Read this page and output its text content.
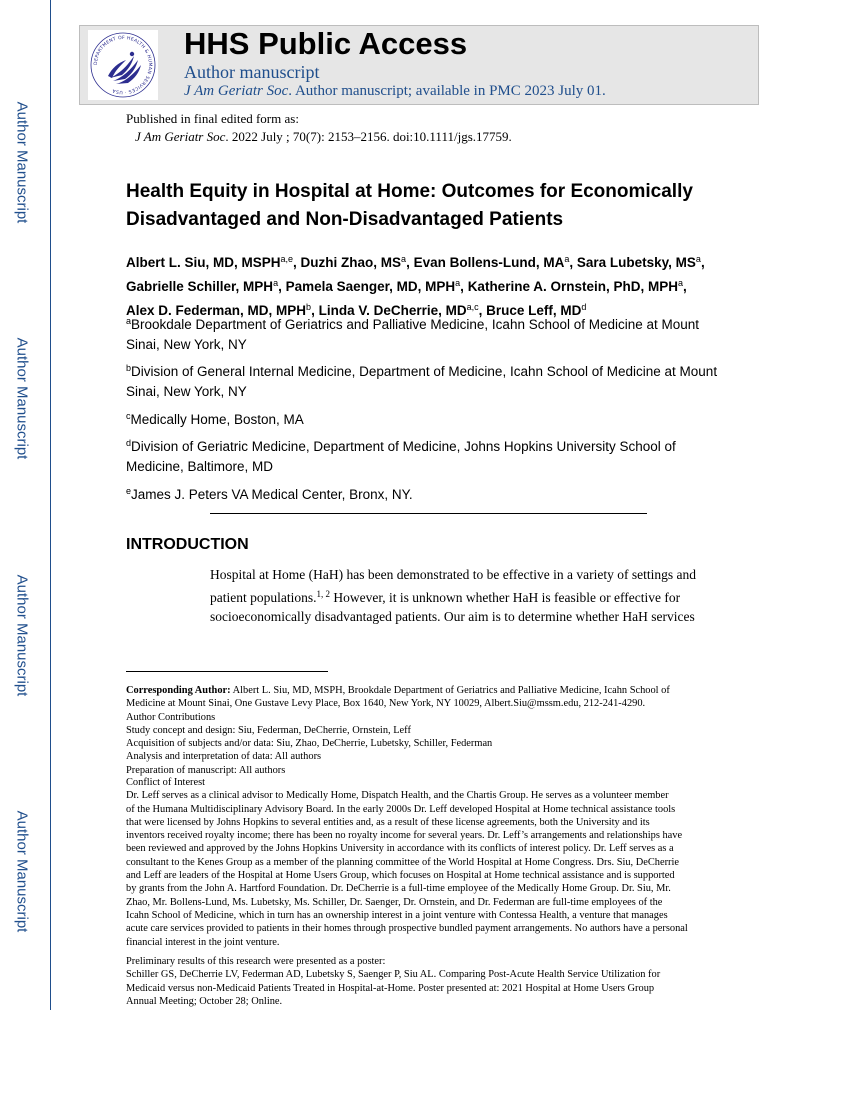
Author Manuscript
Author Manuscript
Author Manuscript
Author Manuscript
DEPARTMENT OF HEALTH & HUMAN SERVICES · USA
HHS Public Access
Author manuscript
J Am Geriatr Soc. Author manuscript; available in PMC 2023 July 01.
Published in final edited form as:
J Am Geriatr Soc. 2022 July ; 70(7): 2153–2156. doi:10.1111/jgs.17759.
Health Equity in Hospital at Home: Outcomes for Economically Disadvantaged and Non-Disadvantaged Patients
Albert L. Siu, MD, MSPH$^{a,e}$, Duzhi Zhao, $MS^a$, Evan Bollens-Lund, $MA^a$, Sara Lubetsky, $MS^a$, Gabrielle Schiller, MPH$^a$, Pamela Saenger, MD, MPH$^a$, Katherine A. Ornstein, PhD, MPH$^a$, Alex D. Federman, MD, MPH$^b$, Linda V. DeCherrie, MD$^{a,c}$, Bruce Leff, $MD^d$
$^a$Brookdale Department of Geriatrics and Palliative Medicine, Icahn School of Medicine at Mount Sinai, New York, NY
$^b$Division of General Internal Medicine, Department of Medicine, Icahn School of Medicine at Mount Sinai, New York, NY
$^c$Medically Home, Boston, MA
$^d$Division of Geriatric Medicine, Department of Medicine, Johns Hopkins University School of Medicine, Baltimore, MD
$^e$James J. Peters VA Medical Center, Bronx, NY.
INTRODUCTION
Hospital at Home (HaH) has been demonstrated to be effective in a variety of settings and patient populations.$^{1, 2}$ However, it is unknown whether HaH is feasible or effective for socioeconomically disadvantaged patients. Our aim is to determine whether HaH services
Corresponding Author: Albert L. Siu, MD, MSPH, Brookdale Department of Geriatrics and Palliative Medicine, Icahn School of
Medicine at Mount Sinai, One Gustave Levy Place, Box 1640, New York, NY 10029, Albert.Siu@mssm.edu, 212-241-4290.
Author Contributions
Study concept and design: Siu, Federman, DeCherrie, Ornstein, Leff
Acquisition of subjects and/or data: Siu, Zhao, DeCherrie, Lubetsky, Schiller, Federman
Analysis and interpretation of data: All authors
Preparation of manuscript: All authors
Conflict of Interest
Dr. Leff serves as a clinical advisor to Medically Home, Dispatch Health, and the Chartis Group. He serves as a volunteer member
of the Humana Multidisciplinary Advisory Board. In the early 2000s Dr. Leff developed Hospital at Home technical assistance tools
that were licensed by Johns Hopkins to several entities and, as a result of these license agreements, both the University and its
inventors received royalty income; there has been no royalty income for several years. Dr. Leff’s arrangements and relationships have
been reviewed and approved by the Johns Hopkins University in accordance with its conflicts of interest policy. Dr. Leff serves as a
consultant to the Kenes Group as a member of the planning committee of the World Hospital at Home Congress. Drs. Siu, DeCherrie
and Leff are leaders of the Hospital at Home Users Group, which focuses on Hospital at Home technical assistance and is supported
by grants from the John A. Hartford Foundation. Dr. DeCherrie is a full-time employee of the Medically Home Group. Dr. Siu, Mr.
Zhao, Mr. Bollens-Lund, Ms. Lubetsky, Ms. Schiller, Dr. Saenger, Dr. Ornstein, and Dr. Federman are full-time employees of the
Icahn School of Medicine, which in turn has an ownership interest in a joint venture with Contessa Health, a venture that manages
acute care services provided to patients in their homes through prospective bundled payment arrangements. No authors have a personal
financial interest in the joint venture.
Preliminary results of this research were presented as a poster:
Schiller GS, DeCherrie LV, Federman AD, Lubetsky S, Saenger P, Siu AL. Comparing Post-Acute Health Service Utilization for
Medicaid versus non-Medicaid Patients Treated in Hospital-at-Home. Poster presented at: 2021 Hospital at Home Users Group
Annual Meeting; October 28; Online.
